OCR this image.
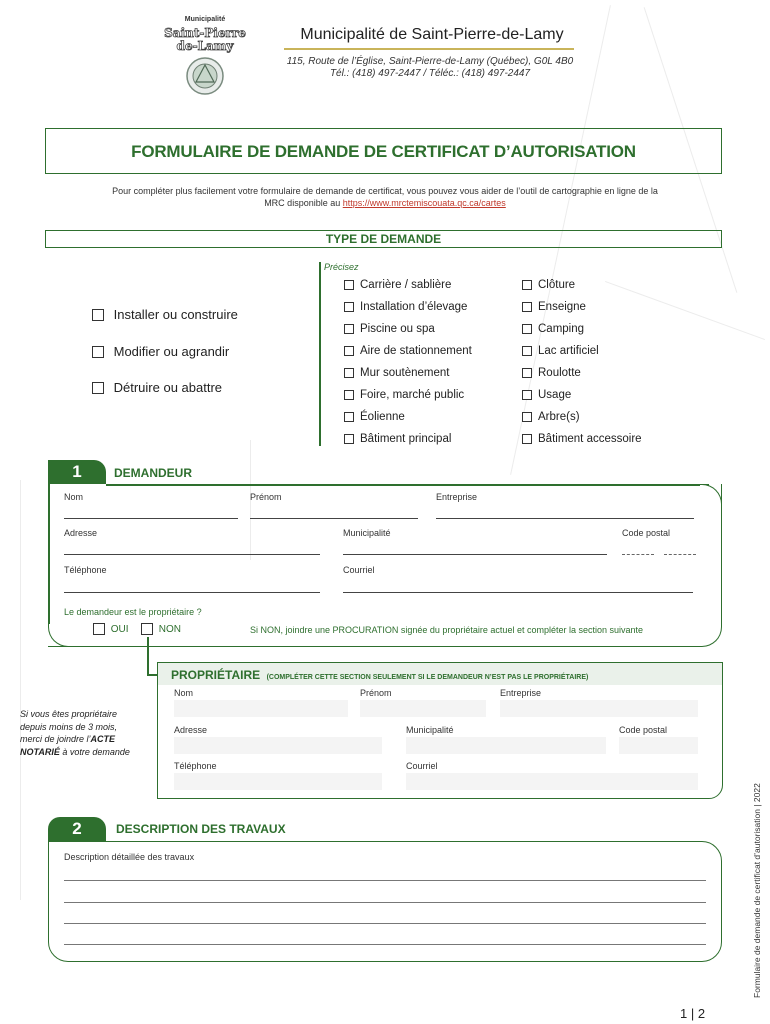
Municipalité
Saint-Pierre
de-Lamy
Municipalité de Saint-Pierre-de-Lamy
115, Route de l’Église, Saint-Pierre-de-Lamy (Québec), G0L 4B0
Tél.: (418) 497-2447 / Téléc.: (418) 497-2447
FORMULAIRE DE DEMANDE DE CERTIFICAT D’AUTORISATION
Pour compléter plus facilement votre formulaire de demande de certificat, vous pouvez vous aider de l’outil de cartographie en ligne de la
MRC disponible au https://www.mrctemiscouata.qc.ca/cartes
TYPE DE DEMANDE
Précisez
Installer ou construire
Modifier ou agrandir
Détruire ou abattre
Carrière / sablière
Installation d’élevage
Piscine ou spa
Aire de stationnement
Mur soutènement
Foire, marché public
Éolienne
Bâtiment principal
Clôture
Enseigne
Camping
Lac artificiel
Roulotte
Usage
Arbre(s)
Bâtiment accessoire
1	DEMANDEUR
Nom	Prénom	Entreprise
Adresse	Municipalité	Code postal
Téléphone	Courriel
Le demandeur est le propriétaire ?
OUI	NON	Si NON, joindre une PROCURATION signée du propriétaire actuel et compléter la section suivante
PROPRIÉTAIRE (COMPLÉTER CETTE SECTION SEULEMENT SI LE DEMANDEUR N’EST PAS LE PROPRIÉTAIRE)
Nom	Prénom	Entreprise
Adresse	Municipalité	Code postal
Téléphone	Courriel
Si vous êtes propriétaire
depuis moins de 3 mois,
merci de joindre l’ACTE
NOTARIÉ à votre demande
2	DESCRIPTION DES TRAVAUX
Description détaillée des travaux
1 | 2
Formulaire de demande de certificat d’autorisation | 2022
